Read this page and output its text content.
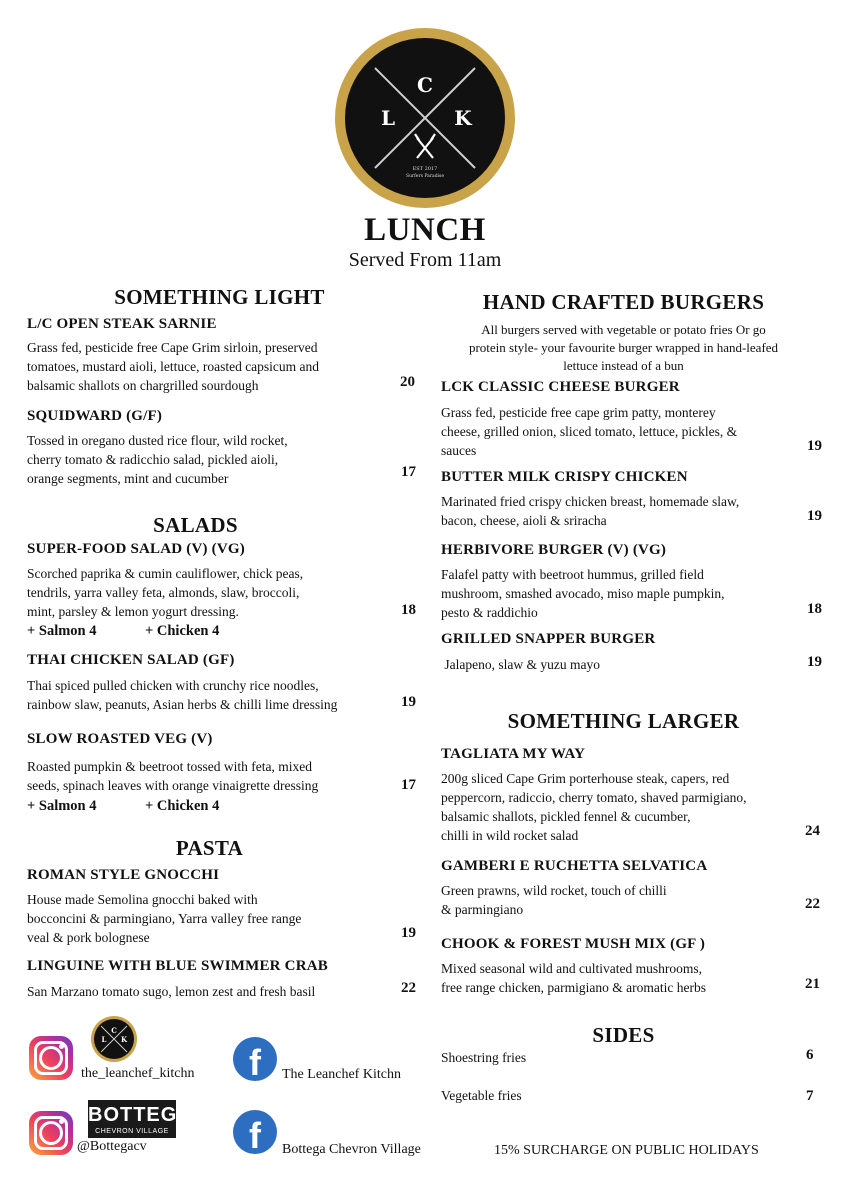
C
L	K
EST 2017
Surfers Paradise
LUNCH
Served From 11am
SOMETHING LIGHT
L/C OPEN STEAK SARNIE
Grass fed, pesticide free Cape Grim sirloin, preserved
tomatoes, mustard aioli, lettuce, roasted capsicum and
balsamic shallots on chargrilled sourdough	20
SQUIDWARD (G/F)
Tossed in oregano dusted rice flour, wild rocket,
cherry tomato & radicchio salad, pickled aioli,
orange segments, mint and cucumber	17
SALADS
SUPER-FOOD SALAD (V) (VG)
Scorched paprika & cumin cauliflower, chick peas,
tendrils, yarra valley feta, almonds, slaw, broccoli,
mint, parsley & lemon yogurt dressing.	18
+ Salmon 4	+ Chicken 4
THAI CHICKEN SALAD (GF)
Thai spiced pulled chicken with crunchy rice noodles,
rainbow slaw, peanuts, Asian herbs & chilli lime dressing	19
SLOW ROASTED VEG (V)
Roasted pumpkin & beetroot tossed with feta, mixed
seeds, spinach leaves with orange vinaigrette dressing	17
+ Salmon 4	+ Chicken 4
PASTA
ROMAN STYLE GNOCCHI
House made Semolina gnocchi baked with
bocconcini & parmingiano, Yarra valley free range
veal & pork bolognese	19
LINGUINE WITH BLUE SWIMMER CRAB
San Marzano tomato sugo, lemon zest and fresh basil	22
HAND CRAFTED BURGERS
All burgers served with vegetable or potato fries Or go
protein style- your favourite burger wrapped in hand-leafed
lettuce instead of a bun
LCK CLASSIC CHEESE BURGER
Grass fed, pesticide free cape grim patty, monterey
cheese, grilled onion, sliced tomato, lettuce, pickles, &
sauces	19
BUTTER MILK CRISPY CHICKEN
Marinated fried crispy chicken breast, homemade slaw,
bacon, cheese, aioli & sriracha	19
HERBIVORE BURGER (V) (VG)
Falafel patty with beetroot hummus, grilled field
mushroom, smashed avocado, miso maple pumpkin,
pesto & raddichio	18
GRILLED SNAPPER BURGER
Jalapeno, slaw & yuzu mayo	19
SOMETHING LARGER
TAGLIATA MY WAY
200g sliced Cape Grim porterhouse steak, capers, red
peppercorn, radiccio, cherry tomato, shaved parmigiano,
balsamic shallots, pickled fennel & cucumber,
chilli in wild rocket salad	24
GAMBERI E RUCHETTA SELVATICA
Green prawns, wild rocket, touch of chilli
& parmingiano	22
CHOOK & FOREST MUSH MIX (GF )
Mixed seasonal wild and cultivated mushrooms,
free range chicken, parmigiano & aromatic herbs	21
SIDES
Shoestring fries	6
Vegetable fries	7
C
L K
the_leanchef_kitchn	f	The Leanchef Kitchn
BOTTEGA
CHEVRON VILLAGE
@Bottegacv	f	Bottega Chevron Village	15% SURCHARGE ON PUBLIC HOLIDAYS
